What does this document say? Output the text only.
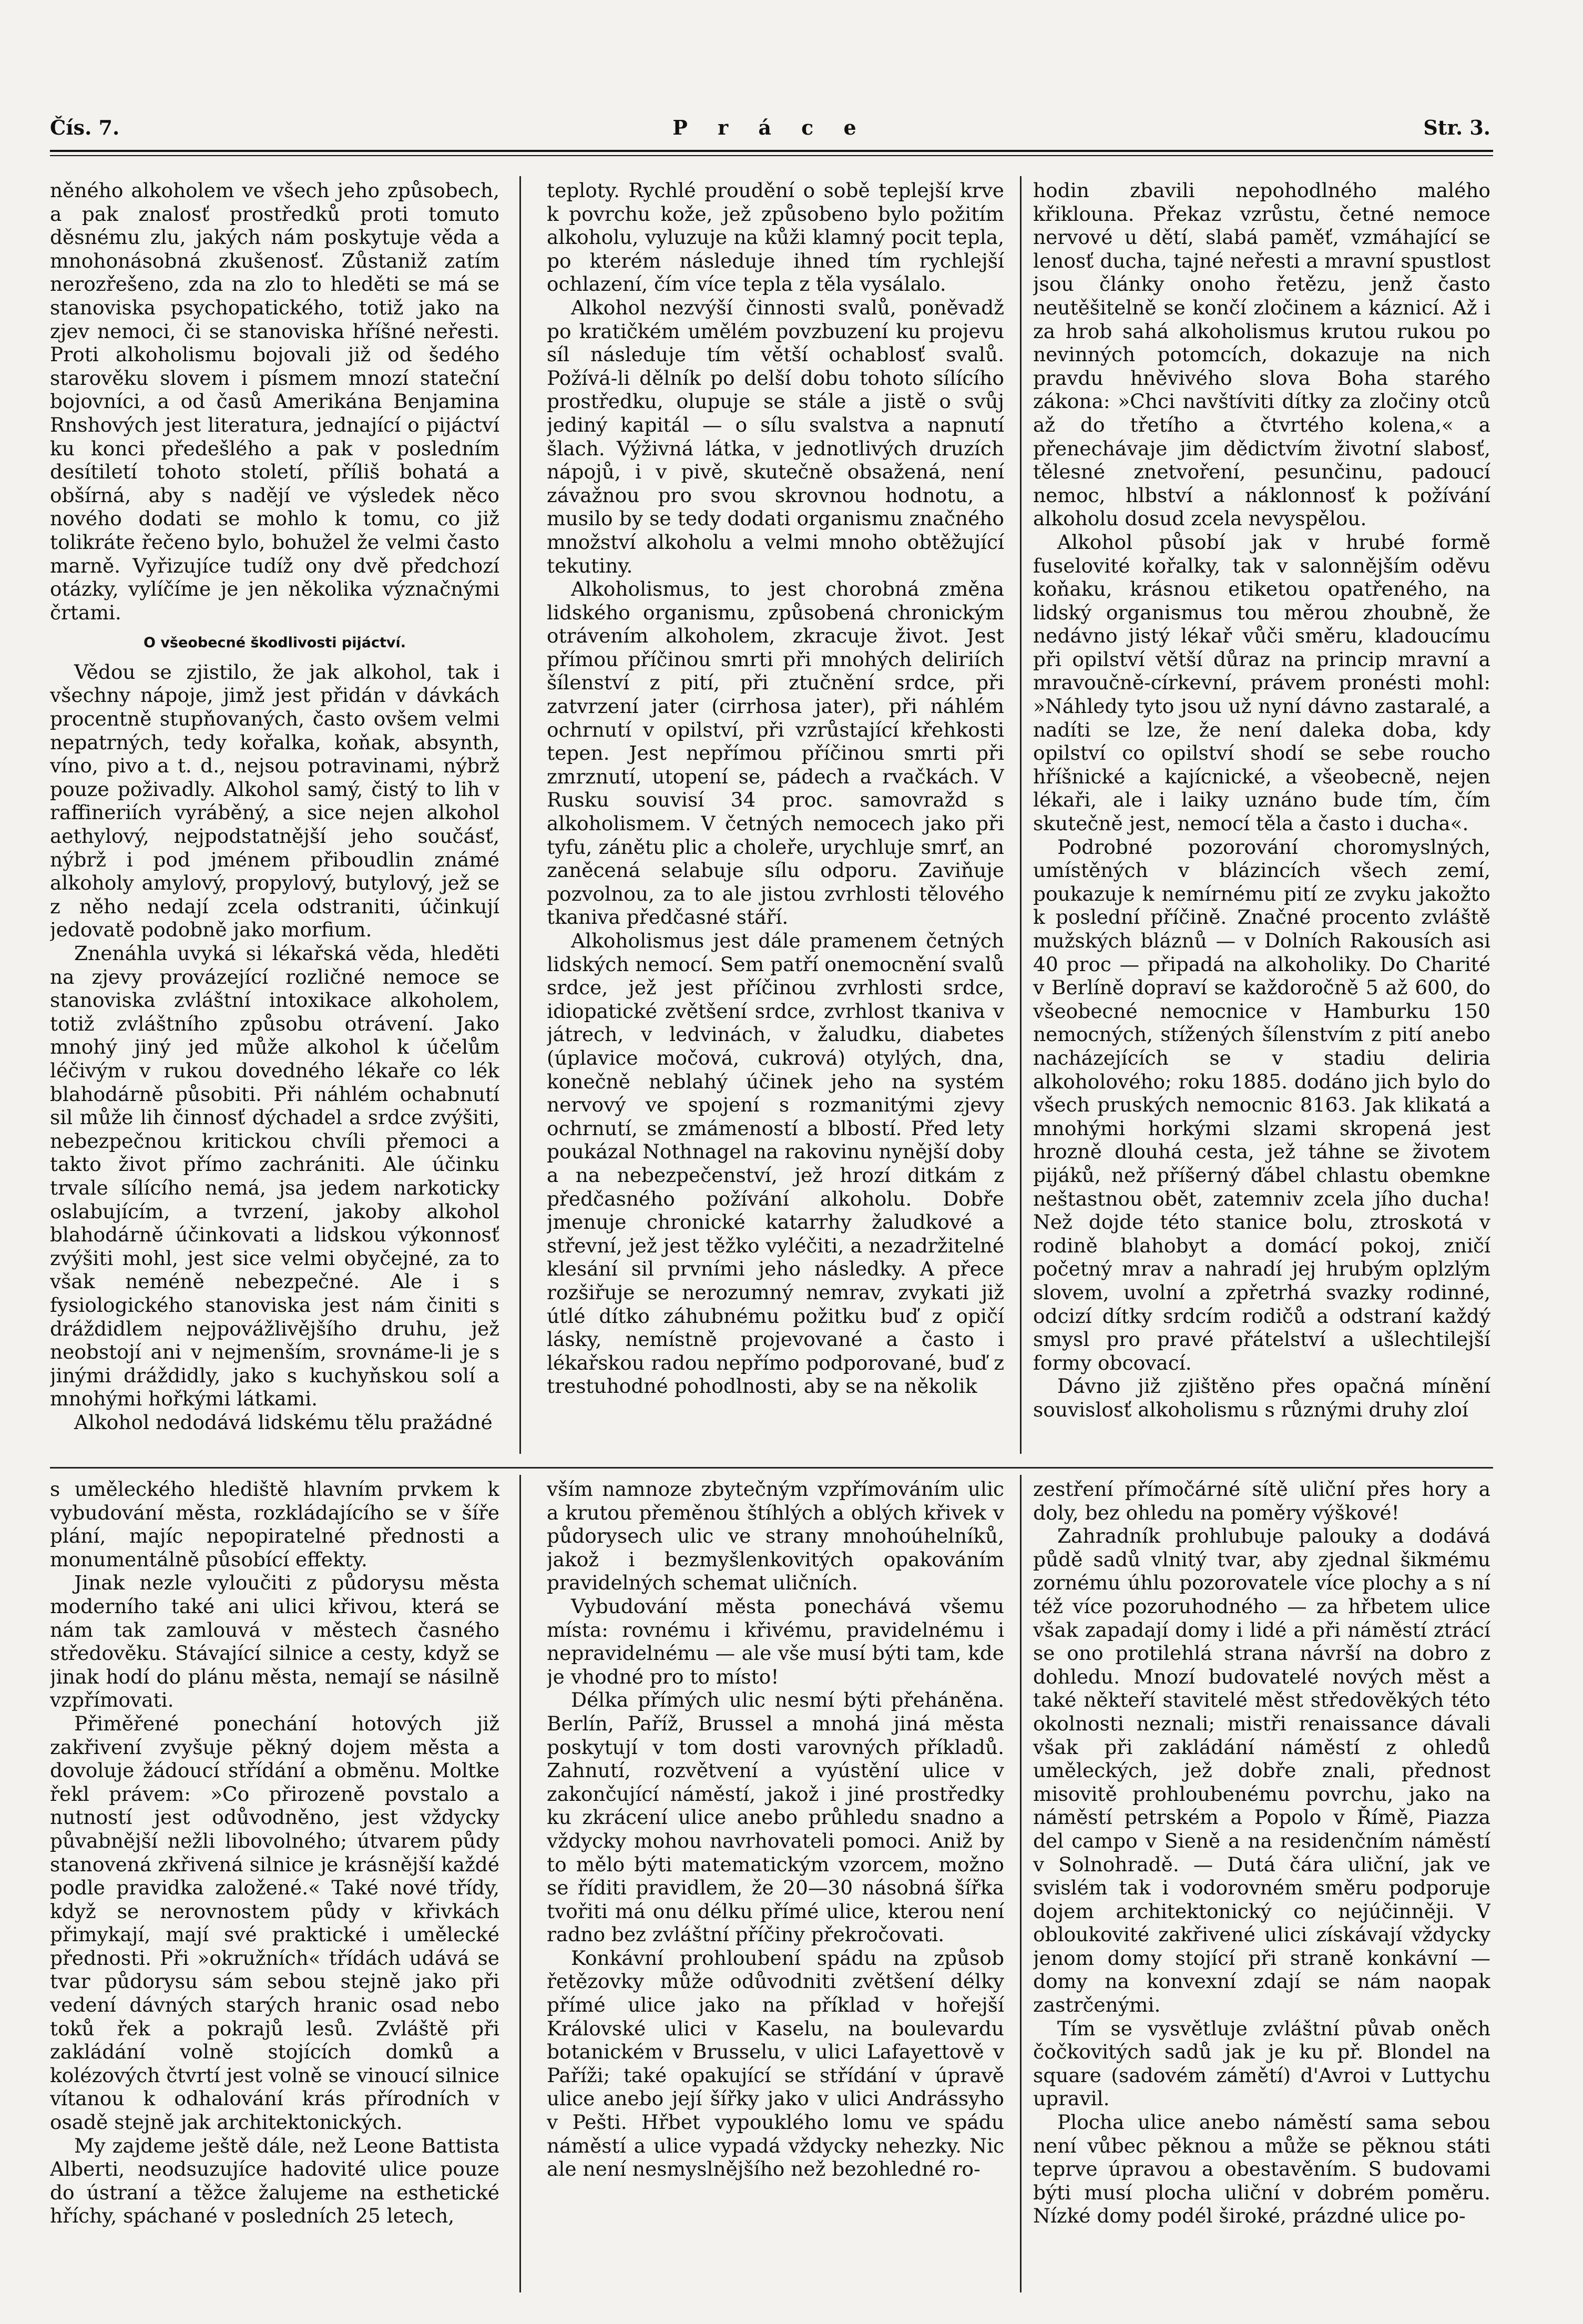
P r á c e
Čís. 7.	Str. 3.

něného alkoholem ve všech jeho způsobech, a pak znalosť prostředků proti tomuto děsnému zlu, jakých nám poskytuje věda a mnohonásobná zkušenosť. Zůstaniž zatím nerozřešeno, zda na zlo to hleděti se má se stanoviska psychopatického, totiž jako na zjev nemoci, či se stanoviska hříšné neřesti. Proti alkoholismu bojovali již od šedého starověku slovem i písmem mnozí stateční bojovníci, a od časů Amerikána Benjamina Rnshových jest literatura, jednající o pijáctví ku konci předešlého a pak v posledním desítiletí tohoto století, příliš bohatá a obšírná, aby s nadějí ve výsledek něco nového dodati se mohlo k tomu, co již tolikráte řečeno bylo, bohužel že velmi často marně. Vyřizujíce tudíž ony dvě předchozí otázky, vylíčíme je jen několika význačnými črtami.

O všeobecné škodlivosti pijáctví.

Vědou se zjistilo, že jak alkohol, tak i všechny nápoje, jimž jest přidán v dávkách procentně stupňovaných, často ovšem velmi nepatrných, tedy kořalka, koňak, absynth, víno, pivo a t. d., nejsou potravinami, nýbrž pouze poživadly. Alkohol samý, čistý to lih v raffineriích vyráběný, a sice nejen alkohol aethylový, nejpodstatnější jeho součásť, nýbrž i pod jménem přiboudlin známé alkoholy amylový, propylový, butylový, jež se z něho nedají zcela odstraniti, účinkují jedovatě podobně jako morfium.

Znenáhla uvyká si lékařská věda, hleděti na zjevy provázející rozličné nemoce se stanoviska zvláštní intoxikace alkoholem, totiž zvláštního způsobu otrávení. Jako mnohý jiný jed může alkohol k účelům léčivým v rukou dovedného lékaře co lék blahodárně působiti. Při náhlém ochabnutí sil může lih činnosť dýchadel a srdce zvýšiti, nebezpečnou kritickou chvíli přemoci a takto život přímo zachrániti. Ale účinku trvale sílícího nemá, jsa jedem narkoticky oslabujícím, a tvrzení, jakoby alkohol blahodárně účinkovati a lidskou výkonnosť zvýšiti mohl, jest sice velmi obyčejné, za to však neméně nebezpečné. Ale i s fysiologického stanoviska jest nám činiti s dráždidlem nejpovážlivějšího druhu, jež neobstojí ani v nejmenším, srovnáme-li je s jinými dráždidly, jako s kuchyňskou solí a mnohými hořkými látkami.

Alkohol nedodává lidskému tělu pražádné

teploty. Rychlé proudění o sobě teplejší krve k povrchu kože, jež způsobeno bylo požitím alkoholu, vyluzuje na kůži klamný pocit tepla, po kterém následuje ihned tím rychlejší ochlazení, čím více tepla z těla vysálalo.

Alkohol nezvýší činnosti svalů, poněvadž po kratičkém umělém povzbuzení ku projevu síl následuje tím větší ochablosť svalů. Požívá-li dělník po delší dobu tohoto sílícího prostředku, olupuje se stále a jistě o svůj jediný kapitál — o sílu svalstva a napnutí šlach. Výživná látka, v jednotlivých druzích nápojů, i v pivě, skutečně obsažená, není závažnou pro svou skrovnou hodnotu, a musilo by se tedy dodati organismu značného množství alkoholu a velmi mnoho obtěžující tekutiny.

Alkoholismus, to jest chorobná změna lidského organismu, způsobená chronickým otrávením alkoholem, zkracuje život. Jest přímou příčinou smrti při mnohých deliriích šílenství z pití, při ztučnění srdce, při zatvrzení jater (cirrhosa jater), při náhlém ochrnutí v opilství, při vzrůstající křehkosti tepen. Jest nepřímou příčinou smrti při zmrznutí, utopení se, pádech a rvačkách. V Rusku souvisí 34 proc. samovražd s alkoholismem. V četných nemocech jako při tyfu, zánětu plic a choleře, urychluje smrť, an zaněcená selabuje sílu odporu. Zaviňuje pozvolnou, za to ale jistou zvrhlosti tělového tkaniva předčasné stáří.

Alkoholismus jest dále pramenem četných lidských nemocí. Sem patří onemocnění svalů srdce, jež jest příčinou zvrhlosti srdce, idiopatické zvětšení srdce, zvrhlost tkaniva v játrech, v ledvinách, v žaludku, diabetes (úplavice močová, cukrová) otylých, dna, konečně neblahý účinek jeho na systém nervový ve spojení s rozmanitými zjevy ochrnutí, se zmámeností a blbostí. Před lety poukázal Nothnagel na rakovinu nynější doby a na nebezpečenství, jež hrozí ditkám z předčasného požívání alkoholu. Dobře jmenuje chronické katarrhy žaludkové a střevní, jež jest těžko vyléčiti, a nezadržitelné klesání sil prvními jeho následky. A přece rozšiřuje se nerozumný nemrav, zvykati již útlé dítko záhubnému požitku buď z opičí lásky, nemístně projevované a často i lékařskou radou nepřímo podporované, buď z trestuhodné pohodlnosti, aby se na několik

hodin zbavili nepohodlného malého křiklouna. Překaz vzrůstu, četné nemoce nervové u dětí, slabá paměť, vzmáhající se lenosť ducha, tajné neřesti a mravní spustlost jsou články onoho řetězu, jenž často neutěšitelně se končí zločinem a káznicí. Až i za hrob sahá alkoholismus krutou rukou po nevinných potomcích, dokazuje na nich pravdu hněvivého slova Boha starého zákona: »Chci navštíviti dítky za zločiny otců až do třetího a čtvrtého kolena,« a přenechávaje jim dědictvím životní slabosť, tělesné znetvoření, pesunčinu, padoucí nemoc, hlbství a náklonnosť k požívání alkoholu dosud zcela nevyspělou.

Alkohol působí jak v hrubé formě fuselovité kořalky, tak v salonnějším oděvu koňaku, krásnou etiketou opatřeného, na lidský organismus tou měrou zhoubně, že nedávno jistý lékař vůči směru, kladoucímu při opilství větší důraz na princip mravní a mravoučně-církevní, právem pronésti mohl: »Náhledy tyto jsou už nyní dávno zastaralé, a nadíti se lze, že není daleka doba, kdy opilství co opilství shodí se sebe roucho hříšnické a kajícnické, a všeobecně, nejen lékaři, ale i laiky uznáno bude tím, čím skutečně jest, nemocí těla a často i ducha«.

Podrobné pozorování choromyslných, umístěných v blázincích všech zemí, poukazuje k nemírnému pití ze zvyku jakožto k poslední příčině. Značné procento zvláště mužských bláznů — v Dolních Rakousích asi 40 proc — připadá na alkoholiky. Do Charité v Berlíně dopraví se každoročně 5 až 600, do všeobecné nemocnice v Hamburku 150 nemocných, stížených šílenstvím z pití anebo nacházejících se v stadiu deliria alkoholového; roku 1885. dodáno jich bylo do všech pruských nemocnic 8163. Jak klikatá a mnohými horkými slzami skropená jest hrozně dlouhá cesta, jež táhne se životem pijáků, než příšerný ďábel chlastu obemkne neštastnou obět, zatemniv zcela jího ducha! Než dojde této stanice bolu, ztroskotá v rodině blahobyt a domácí pokoj, zničí početný mrav a nahradí jej hrubým oplzlým slovem, uvolní a zpřetrhá svazky rodinné, odcizí dítky srdcím rodičů a odstraní každý smysl pro pravé přátelství a ušlechtilejší formy obcovací.

Dávno již zjištěno přes opačná mínění souvislosť alkoholismu s různými druhy zloí

s uměleckého hlediště hlavním prvkem k vybudování města, rozkládajícího se v šíře plání, majíc nepopiratelné přednosti a monumentálně působící effekty.

Jinak nezle vyloučiti z půdorysu města moderního také ani ulici křivou, která se nám tak zamlouvá v městech časného středověku. Stávající silnice a cesty, když se jinak hodí do plánu města, nemají se násilně vzpřímovati.

Přiměřené ponechání hotových již zakřivení zvyšuje pěkný dojem města a dovoluje žádoucí střídání a obměnu. Moltke řekl právem: »Co přirozeně povstalo a nutností jest odůvodněno, jest vždycky půvabnější nežli libovolného; útvarem půdy stanovená zkřivená silnice je krásnější každé podle pravidka založené.« Také nové třídy, když se nerovnostem půdy v křivkách přimykají, mají své praktické i umělecké přednosti. Při »okružních« třídách udává se tvar půdorysu sám sebou stejně jako při vedení dávných starých hranic osad nebo toků řek a pokrajů lesů. Zvláště při zakládání volně stojících domků a kolézových čtvrtí jest volně se vinoucí silnice vítanou k odhalování krás přírodních v osadě stejně jak architektonických.

My zajdeme ještě dále, než Leone Battista Alberti, neodsuzujíce hadovité ulice pouze do ústraní a těžce žalujeme na esthetické hříchy, spáchané v posledních 25 letech,

vším namnoze zbytečným vzpřímováním ulic a krutou přeměnou štíhlých a oblých křivek v půdorysech ulic ve strany mnohoúhelníků, jakož i bezmyšlenkovitých opakováním pravidelných schemat uličních.

Vybudování města ponechává všemu místa: rovnému i křivému, pravidelnému i nepravidelnému — ale vše musí býti tam, kde je vhodné pro to místo!

Délka přímých ulic nesmí býti přeháněna. Berlín, Paříž, Brussel a mnohá jiná města poskytují v tom dosti varovných příkladů. Zahnutí, rozvětvení a vyústění ulice v zakončující náměstí, jakož i jiné prostředky ku zkrácení ulice anebo průhledu snadno a vždycky mohou navrhovateli pomoci. Aniž by to mělo býti matematickým vzorcem, možno se říditi pravidlem, že 20—30 násobná šířka tvořiti má onu délku přímé ulice, kterou není radno bez zvláštní příčiny překročovati.

Konkávní prohloubení spádu na způsob řetězovky může odůvodniti zvětšení délky přímé ulice jako na příklad v hořejší Královské ulici v Kaselu, na boulevardu botanickém v Brusselu, v ulici Lafayettově v Paříži; také opakující se střídání v úpravě ulice anebo její šířky jako v ulici Andrássyho v Pešti. Hřbet vypouklého lomu ve spádu náměstí a ulice vypadá vždycky nehezky. Nic ale není nesmyslnějšího než bezohledné ro-

zestření přímočárné sítě uliční přes hory a doly, bez ohledu na poměry výškové!

Zahradník prohlubuje palouky a dodává půdě sadů vlnitý tvar, aby zjednal šikmému zornému úhlu pozorovatele více plochy a s ní též více pozoruhodného — za hřbetem ulice však zapadají domy i lidé a při náměstí ztrácí se ono protilehlá strana návrší na dobro z dohledu. Mnozí budovatelé nových měst a také někteří stavitelé měst středověkých této okolnosti neznali; mistři renaissance dávali však při zakládání náměstí z ohledů uměleckých, jež dobře znali, přednost misovitě prohloubenému povrchu, jako na náměstí petrském a Popolo v Římě, Piazza del campo v Sieně a na residenčním náměstí v Solnohradě. — Dutá čára uliční, jak ve svislém tak i vodorovném směru podporuje dojem architektonický co nejúčinněji. V obloukovité zakřivené ulici získávají vždycky jenom domy stojící při straně konkávní — domy na konvexní zdají se nám naopak zastrčenými.

Tím se vysvětluje zvláštní půvab oněch čočkovitých sadů jak je ku př. Blondel na square (sadovém zámětí) d'Avroi v Luttychu upravil.

Plocha ulice anebo náměstí sama sebou není vůbec pěknou a může se pěknou státi teprve úpravou a obestavěním. S budovami býti musí plocha uliční v dobrém poměru. Nízké domy podél široké, prázdné ulice po-
